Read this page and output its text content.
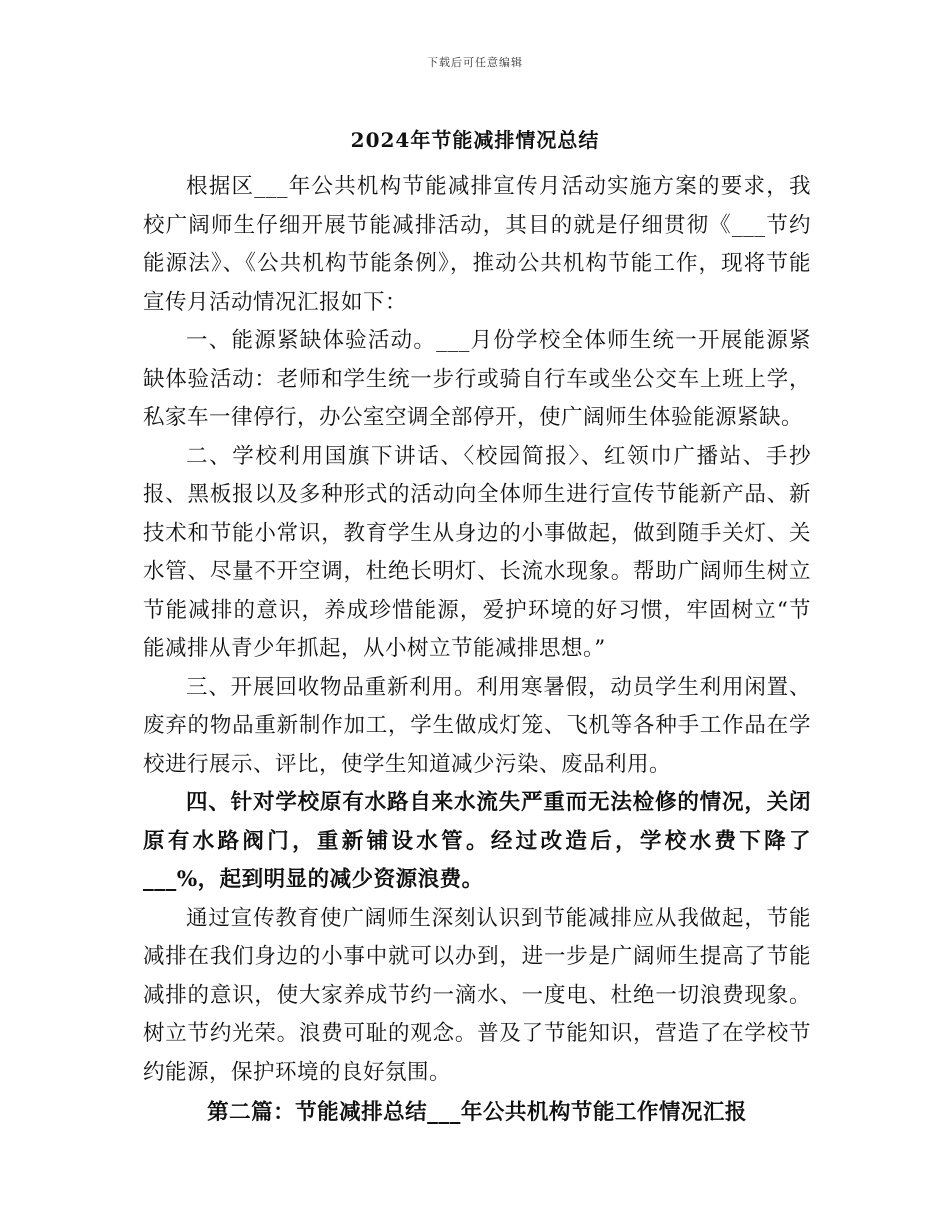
下载后可任意编辑
2024年节能减排情况总结

根据区___年公共机构节能减排宣传月活动实施方案的要求，我校广阔师生仔细开展节能减排活动，其目的就是仔细贯彻《___节约能源法》、《公共机构节能条例》，推动公共机构节能工作，现将节能宣传月活动情况汇报如下：

一、能源紧缺体验活动。___月份学校全体师生统一开展能源紧缺体验活动：老师和学生统一步行或骑自行车或坐公交车上班上学，私家车一律停行，办公室空调全部停开，使广阔师生体验能源紧缺。

二、学校利用国旗下讲话、〈校园简报〉、红领巾广播站、手抄报、黑板报以及多种形式的活动向全体师生进行宣传节能新产品、新技术和节能小常识，教育学生从身边的小事做起，做到随手关灯、关水管、尽量不开空调，杜绝长明灯、长流水现象。帮助广阔师生树立节能减排的意识，养成珍惜能源，爱护环境的好习惯，牢固树立“节能减排从青少年抓起，从小树立节能减排思想。”

三、开展回收物品重新利用。利用寒暑假，动员学生利用闲置、废弃的物品重新制作加工，学生做成灯笼、飞机等各种手工作品在学校进行展示、评比，使学生知道减少污染、废品利用。

四、针对学校原有水路自来水流失严重而无法检修的情况，关闭原有水路阀门，重新铺设水管。经过改造后，学校水费下降了___%，起到明显的减少资源浪费。

通过宣传教育使广阔师生深刻认识到节能减排应从我做起，节能减排在我们身边的小事中就可以办到，进一步是广阔师生提高了节能减排的意识，使大家养成节约一滴水、一度电、杜绝一切浪费现象。树立节约光荣。浪费可耻的观念。普及了节能知识，营造了在学校节约能源，保护环境的良好氛围。

第二篇：节能减排总结___年公共机构节能工作情况汇报
